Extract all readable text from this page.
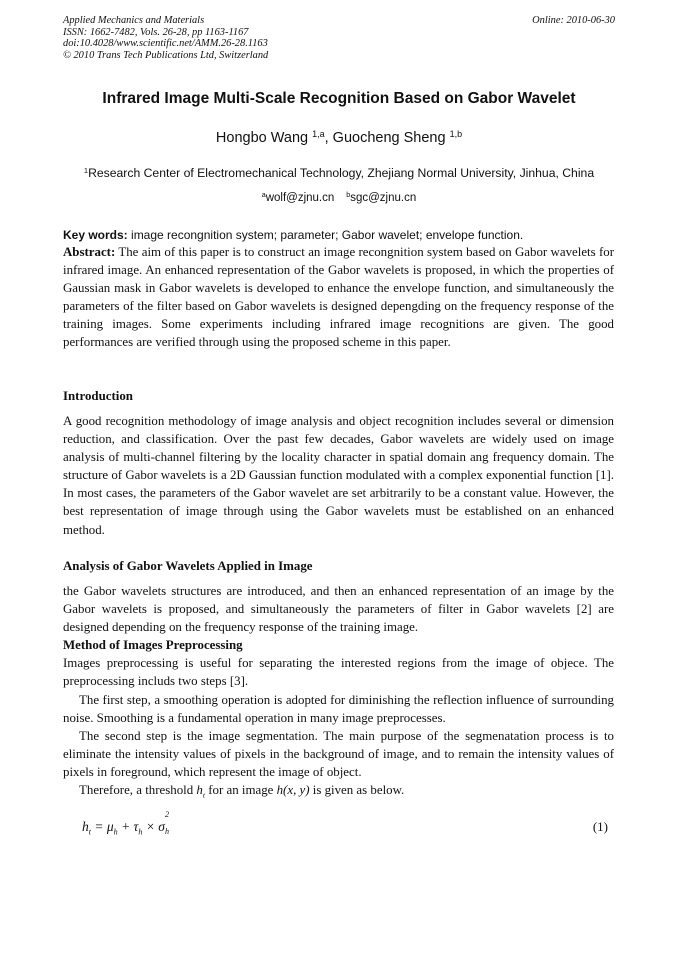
Applied Mechanics and Materials
ISSN: 1662-7482, Vols. 26-28, pp 1163-1167
doi:10.4028/www.scientific.net/AMM.26-28.1163
© 2010 Trans Tech Publications Ltd, Switzerland
Online: 2010-06-30
Infrared Image Multi-Scale Recognition Based on Gabor Wavelet
Hongbo Wang $^{1,a}$, Guocheng Sheng $^{1,b}$
$^1$Research Center of Electromechanical Technology, Zhejiang Normal University, Jinhua, China
$^a$wolf@zjnu.cn $^b$sgc@zjnu.cn
Key words: image recongnition system; parameter; Gabor wavelet; envelope function.
Abstract: The aim of this paper is to construct an image recongnition system based on Gabor wavelets for infrared image. An enhanced representation of the Gabor wavelets is proposed, in which the properties of Gaussian mask in Gabor wavelets is developed to enhance the envelope function, and simultaneously the parameters of the filter based on Gabor wavelets is designed depengding on the frequency response of the training images. Some experiments including infrared image recognitions are given. The good performances are verified through using the proposed scheme in this paper.
Introduction
A good recognition methodology of image analysis and object recognition includes several or dimension reduction, and classification. Over the past few decades, Gabor wavelets are widely used on image analysis of multi-channel filtering by the locality character in spatial domain ang frequency domain. The structure of Gabor wavelets is a 2D Gaussian function modulated with a complex exponential function [1]. In most cases, the parameters of the Gabor wavelet are set arbitrarily to be a constant value. However, the best representation of image through using the Gabor wavelets must be established on an enhanced method.
Analysis of Gabor Wavelets Applied in Image

the Gabor wavelets structures are introduced, and then an enhanced representation of an image by the Gabor wavelets is proposed, and simultaneously the parameters of filter in Gabor wavelets [2] are designed depending on the frequency response of the training image.

Method of Images Preprocessing

Images preprocessing is useful for separating the interested regions from the image of objece. The preprocessing includs two steps [3].

The first step, a smoothing operation is adopted for diminishing the reflection influence of surrounding noise. Smoothing is a fundamental operation in many image preprocesses.

The second step is the image segmentation. The main purpose of the segmenatation process is to eliminate the intensity values of pixels in the background of image, and to remain the intensity values of pixels in foreground, which represent the image of object.

Therefore, a threshold $h_t$ for an image h(x, y) is given as below.

$h_t = \mu_h + \tau_h \times \sigma$
2
h	(1)
